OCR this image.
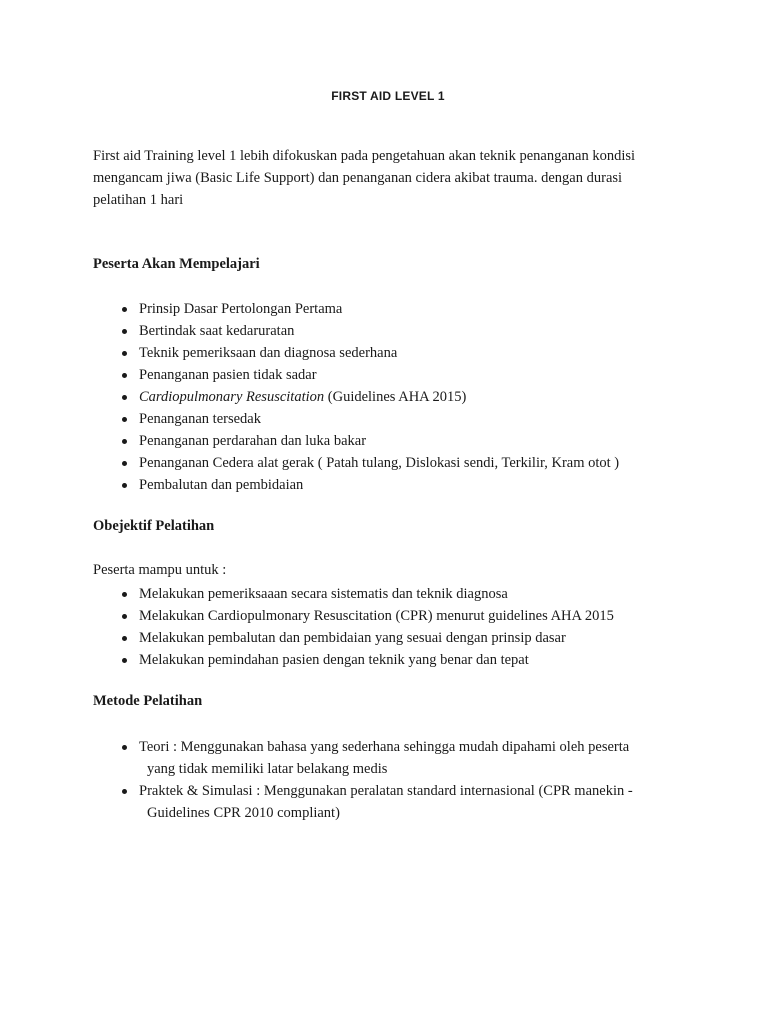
FIRST AID LEVEL 1

First aid Training level 1 lebih difokuskan pada pengetahuan akan teknik penanganan kondisi
mengancam jiwa (Basic Life Support) dan penanganan cidera akibat trauma. dengan durasi
pelatihan 1 hari

Peserta Akan Mempelajari

Prinsip Dasar Pertolongan Pertama
Bertindak saat kedaruratan
Teknik pemeriksaan dan diagnosa sederhana
Penanganan pasien tidak sadar
Cardiopulmonary Resuscitation (Guidelines AHA 2015)
Penanganan tersedak
Penanganan perdarahan dan luka bakar
Penanganan Cedera alat gerak ( Patah tulang, Dislokasi sendi, Terkilir, Kram otot )
Pembalutan dan pembidaian

Obejektif Pelatihan

Peserta mampu untuk :

Melakukan pemeriksaaan secara sistematis dan teknik diagnosa
Melakukan Cardiopulmonary Resuscitation (CPR) menurut guidelines AHA 2015
Melakukan pembalutan dan pembidaian yang sesuai dengan prinsip dasar
Melakukan pemindahan pasien dengan teknik yang benar dan tepat

Metode Pelatihan

Teori : Menggunakan bahasa yang sederhana sehingga mudah dipahami oleh peserta
yang tidak memiliki latar belakang medis
Praktek & Simulasi : Menggunakan peralatan standard internasional (CPR manekin -
Guidelines CPR 2010 compliant)
